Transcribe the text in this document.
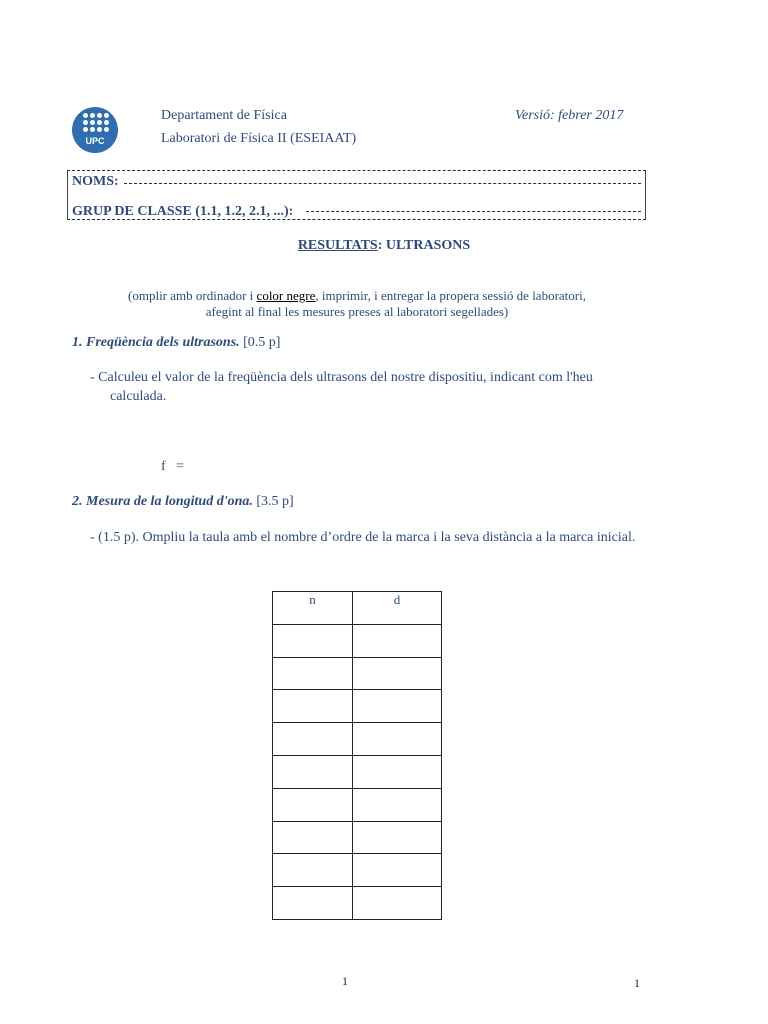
UPC
Departament de Física
Laboratori de Física II (ESEIAAT)
Versió: febrer 2017
NOMS:
GRUP DE CLASSE (1.1, 1.2, 2.1, ...):
RESULTATS: ULTRASONS
(omplir amb ordinador i color negre, imprimir, i entregar la propera sessió de laboratori,
afegint al final les mesures preses al laboratori segellades)
1. Freqüència dels ultrasons. [0.5 p]
- Calculeu el valor de la freqüència dels ultrasons del nostre dispositiu, indicant com l'heu
calculada.
f   =
2. Mesura de la longitud d'ona. [3.5 p]
- (1.5 p). Ompliu la taula amb el nombre d’ordre de la marca i la seva distància a la marca inicial.
n	d

1	1
